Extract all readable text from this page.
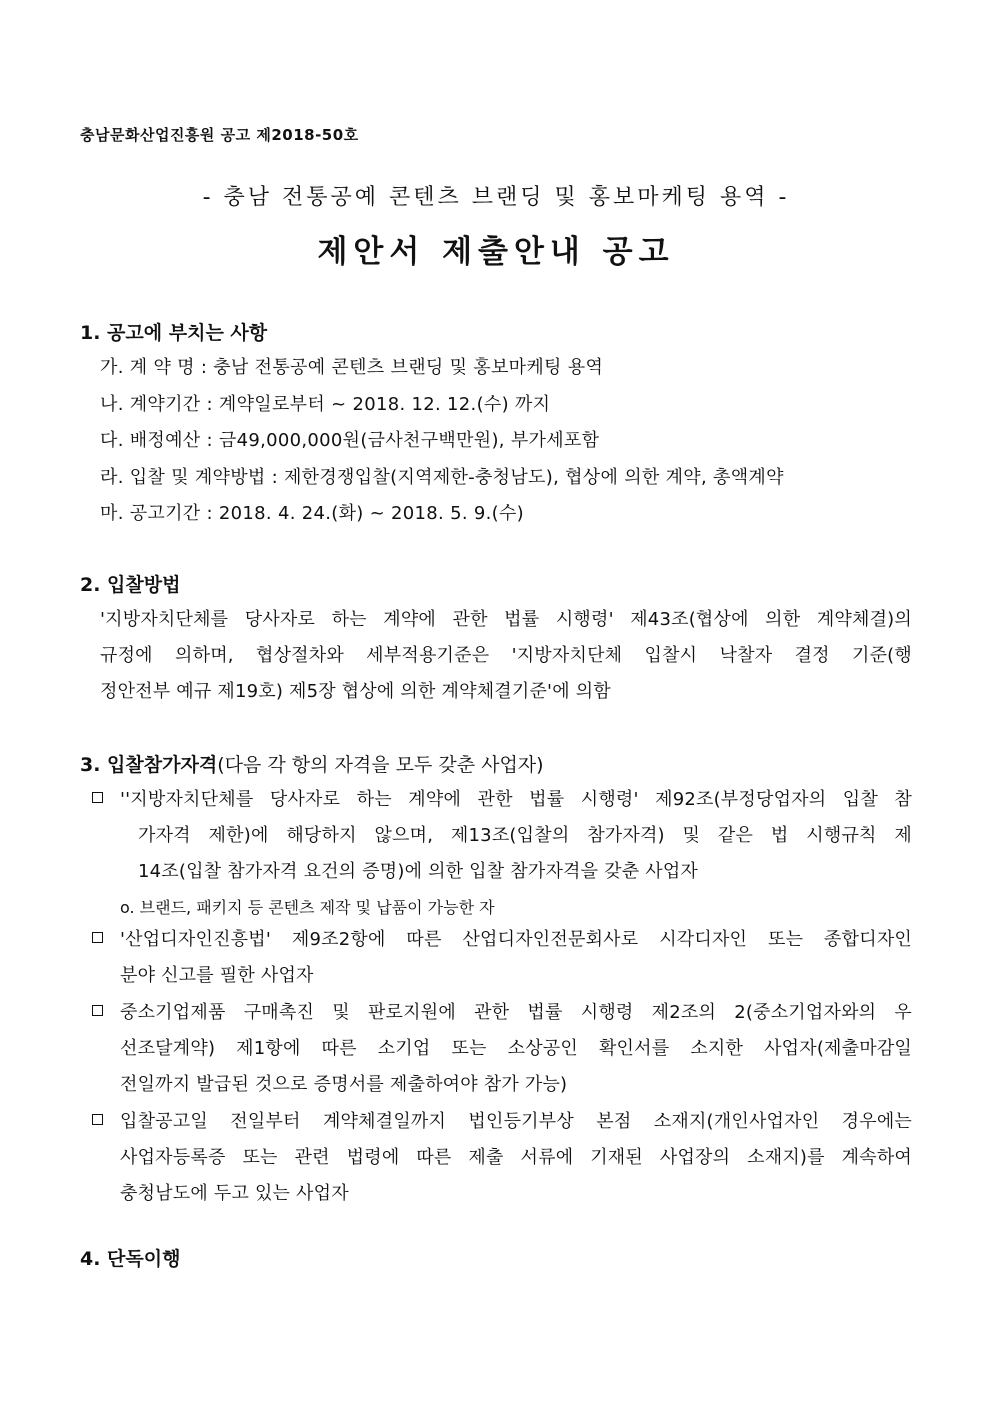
충남문화산업진흥원 공고 제2018-50호
- 충남 전통공예 콘텐츠 브랜딩 및 홍보마케팅 용역 -
제안서 제출안내 공고
1. 공고에 부치는 사항
가. 계 약 명 : 충남 전통공예 콘텐츠 브랜딩 및 홍보마케팅 용역
나. 계약기간 : 계약일로부터 ~ 2018. 12. 12.(수) 까지
다. 배정예산 : 금49,000,000원(금사천구백만원), 부가세포함
라. 입찰 및 계약방법 : 제한경쟁입찰(지역제한-충청남도), 협상에 의한 계약, 총액계약
마. 공고기간 : 2018. 4. 24.(화) ~ 2018. 5. 9.(수)
2. 입찰방법
'지방자치단체를 당사자로 하는 계약에 관한 법률 시행령' 제43조(협상에 의한 계약체결)의
규정에 의하며, 협상절차와 세부적용기준은 '지방자치단체 입찰시 낙찰자 결정 기준(행
정안전부 예규 제19호) 제5장 협상에 의한 계약체결기준'에 의함
3. 입찰참가자격(다음 각 항의 자격을 모두 갖춘 사업자)
''지방자치단체를 당사자로 하는 계약에 관한 법률 시행령' 제92조(부정당업자의 입찰 참
가자격 제한)에 해당하지 않으며, 제13조(입찰의 참가자격) 및 같은 법 시행규칙 제
14조(입찰 참가자격 요건의 증명)에 의한 입찰 참가자격을 갖춘 사업자
o. 브랜드, 패키지 등 콘텐츠 제작 및 납품이 가능한 자
'산업디자인진흥법' 제9조2항에 따른 산업디자인전문회사로 시각디자인 또는 종합디자인
분야 신고를 필한 사업자
중소기업제품 구매촉진 및 판로지원에 관한 법률 시행령 제2조의 2(중소기업자와의 우
선조달계약) 제1항에 따른 소기업 또는 소상공인 확인서를 소지한 사업자(제출마감일
전일까지 발급된 것으로 증명서를 제출하여야 참가 가능)
입찰공고일 전일부터 계약체결일까지 법인등기부상 본점 소재지(개인사업자인 경우에는
사업자등록증 또는 관련 법령에 따른 제출 서류에 기재된 사업장의 소재지)를 계속하여
충청남도에 두고 있는 사업자
4. 단독이행
